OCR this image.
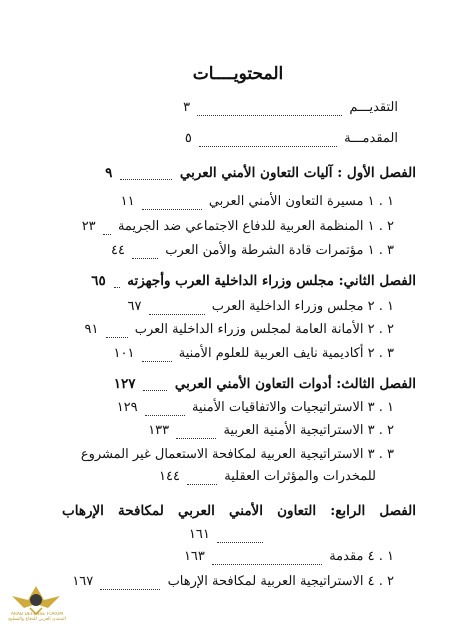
المحتويــــات
التقديـــم  ٣
المقدمـــة  ٥
الفصل الأول : آليات التعاون الأمني العربي  ٩
١ . ١ مسيرة التعاون الأمني العربي  ١١
٢ . ١ المنظمة العربية للدفاع الاجتماعي ضد الجريمة  ٢٣
٣ . ١ مؤتمرات قادة الشرطة والأمن العرب  ٤٤
الفصل الثاني: مجلس وزراء الداخلية العرب وأجهزته  ٦٥
١ . ٢ مجلس وزراء الداخلية العرب  ٦٧
٢ . ٢ الأمانة العامة لمجلس وزراء الداخلية العرب  ٩١
٣ . ٢ أكاديمية نايف العربية للعلوم الأمنية  ١٠١
الفصل الثالث: أدوات التعاون الأمني العربي  ١٢٧
١ . ٣ الاستراتيجيات والاتفاقيات الأمنية  ١٢٩
٢ . ٣ الاستراتيجية الأمنية العربية  ١٣٣
٣ . ٣ الاستراتيجية العربية لمكافحة الاستعمال غير المشروع
للمخدرات والمؤثرات العقلية  ١٤٤
الفصل الرابع: التعاون الأمني العربي لمكافحة الإرهاب
١٦١
١ . ٤ مقدمة  ١٦٣
٢ . ٤ الاستراتيجية العربية لمكافحة الإرهاب  ١٦٧
ARAB DEFENSE FORUM
المنتدى العربي للدفاع والتسليح
